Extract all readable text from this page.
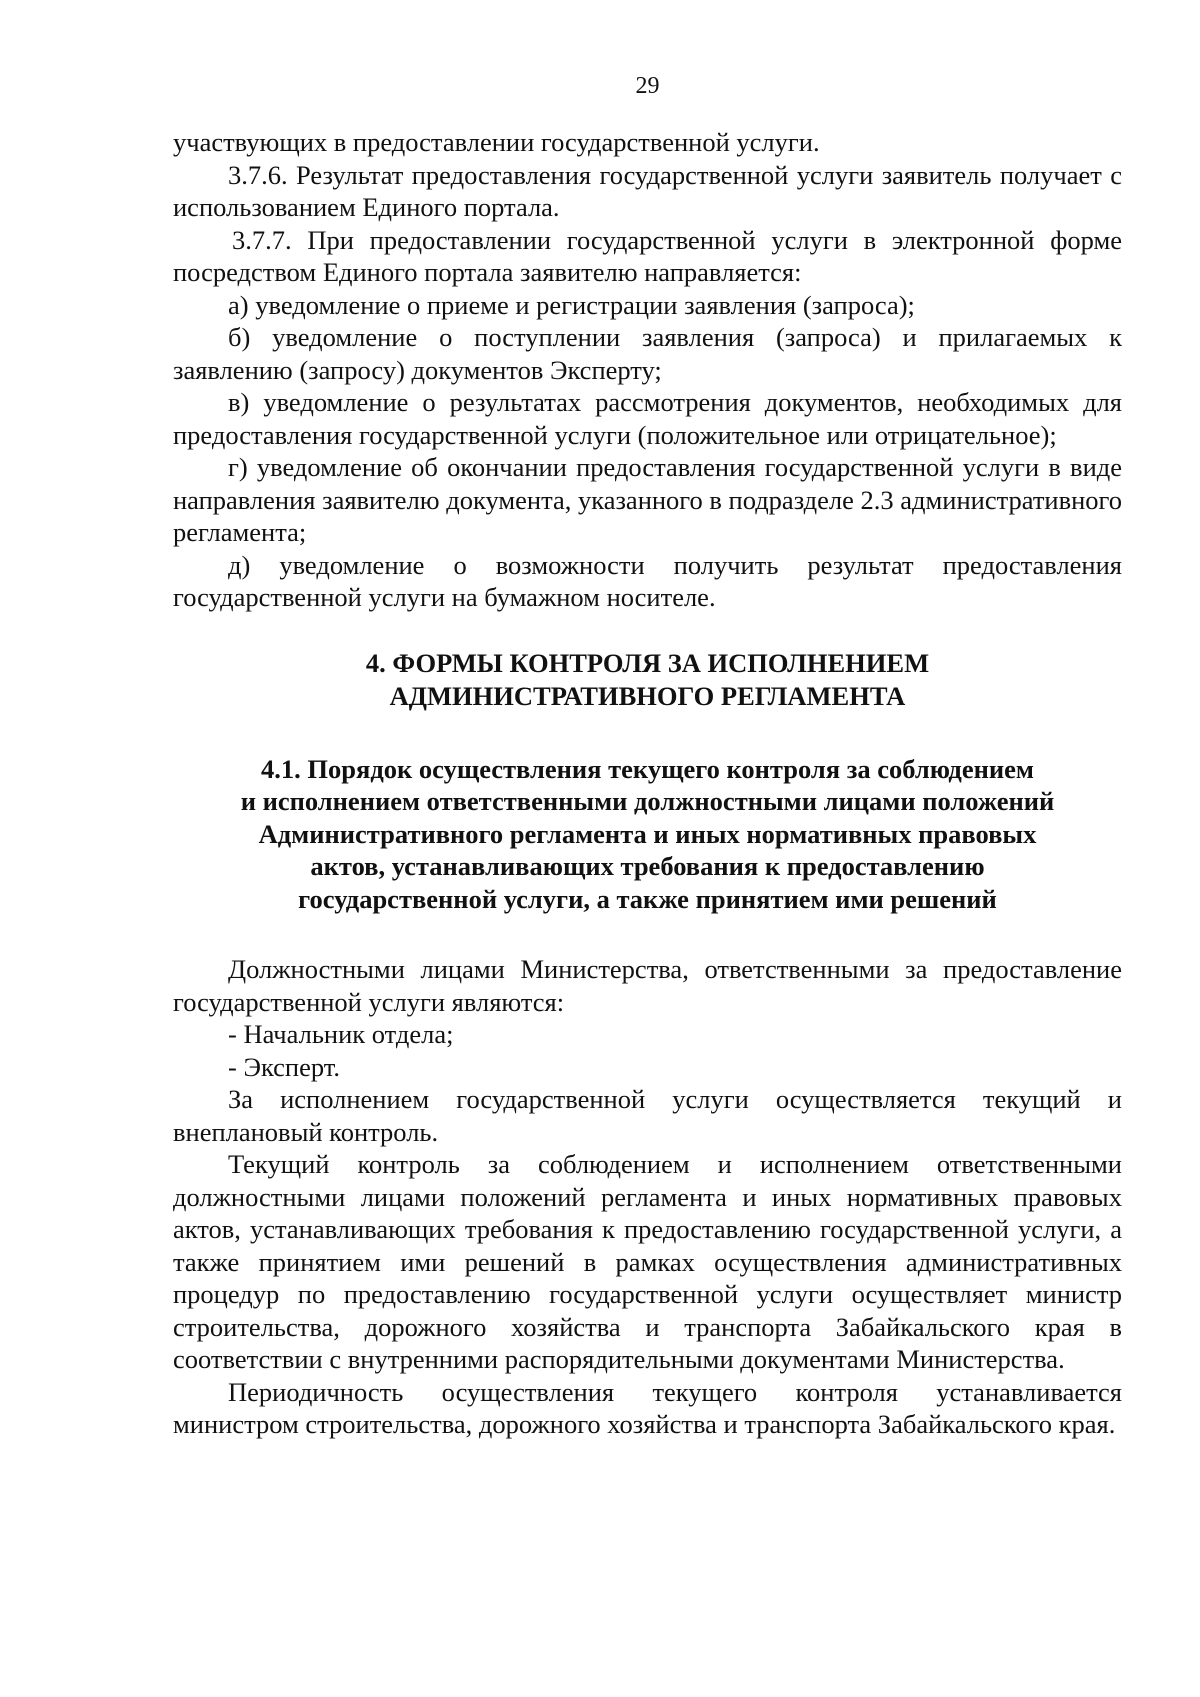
29

участвующих в предоставлении государственной услуги.

3.7.6. Результат предоставления государственной услуги заявитель получает с использованием Единого портала.

3.7.7. При предоставлении государственной услуги в электронной форме посредством Единого портала заявителю направляется:

а) уведомление о приеме и регистрации заявления (запроса);

б) уведомление о поступлении заявления (запроса) и прилагаемых к заявлению (запросу) документов Эксперту;

в) уведомление о результатах рассмотрения документов, необходимых для предоставления государственной услуги (положительное или отрицательное);

г) уведомление об окончании предоставления государственной услуги в виде направления заявителю документа, указанного в подразделе 2.3 административного регламента;

д) уведомление о возможности получить результат предоставления государственной услуги на бумажном носителе.

4. ФОРМЫ КОНТРОЛЯ ЗА ИСПОЛНЕНИЕМ
АДМИНИСТРАТИВНОГО РЕГЛАМЕНТА
4.1. Порядок осуществления текущего контроля за соблюдением
и исполнением ответственными должностными лицами положений
Административного регламента и иных нормативных правовых
актов, устанавливающих требования к предоставлению
государственной услуги, а также принятием ими решений

Должностными лицами Министерства, ответственными за предоставление государственной услуги являются:

- Начальник отдела;

- Эксперт.

За исполнением государственной услуги осуществляется текущий и внеплановый контроль.

Текущий контроль за соблюдением и исполнением ответственными должностными лицами положений регламента и иных нормативных правовых актов, устанавливающих требования к предоставлению государственной услуги, а также принятием ими решений в рамках осуществления административных процедур по предоставлению государственной услуги осуществляет министр строительства, дорожного хозяйства и транспорта Забайкальского края в соответствии с внутренними распорядительными документами Министерства.

Периодичность осуществления текущего контроля устанавливается министром строительства, дорожного хозяйства и транспорта Забайкальского края.
